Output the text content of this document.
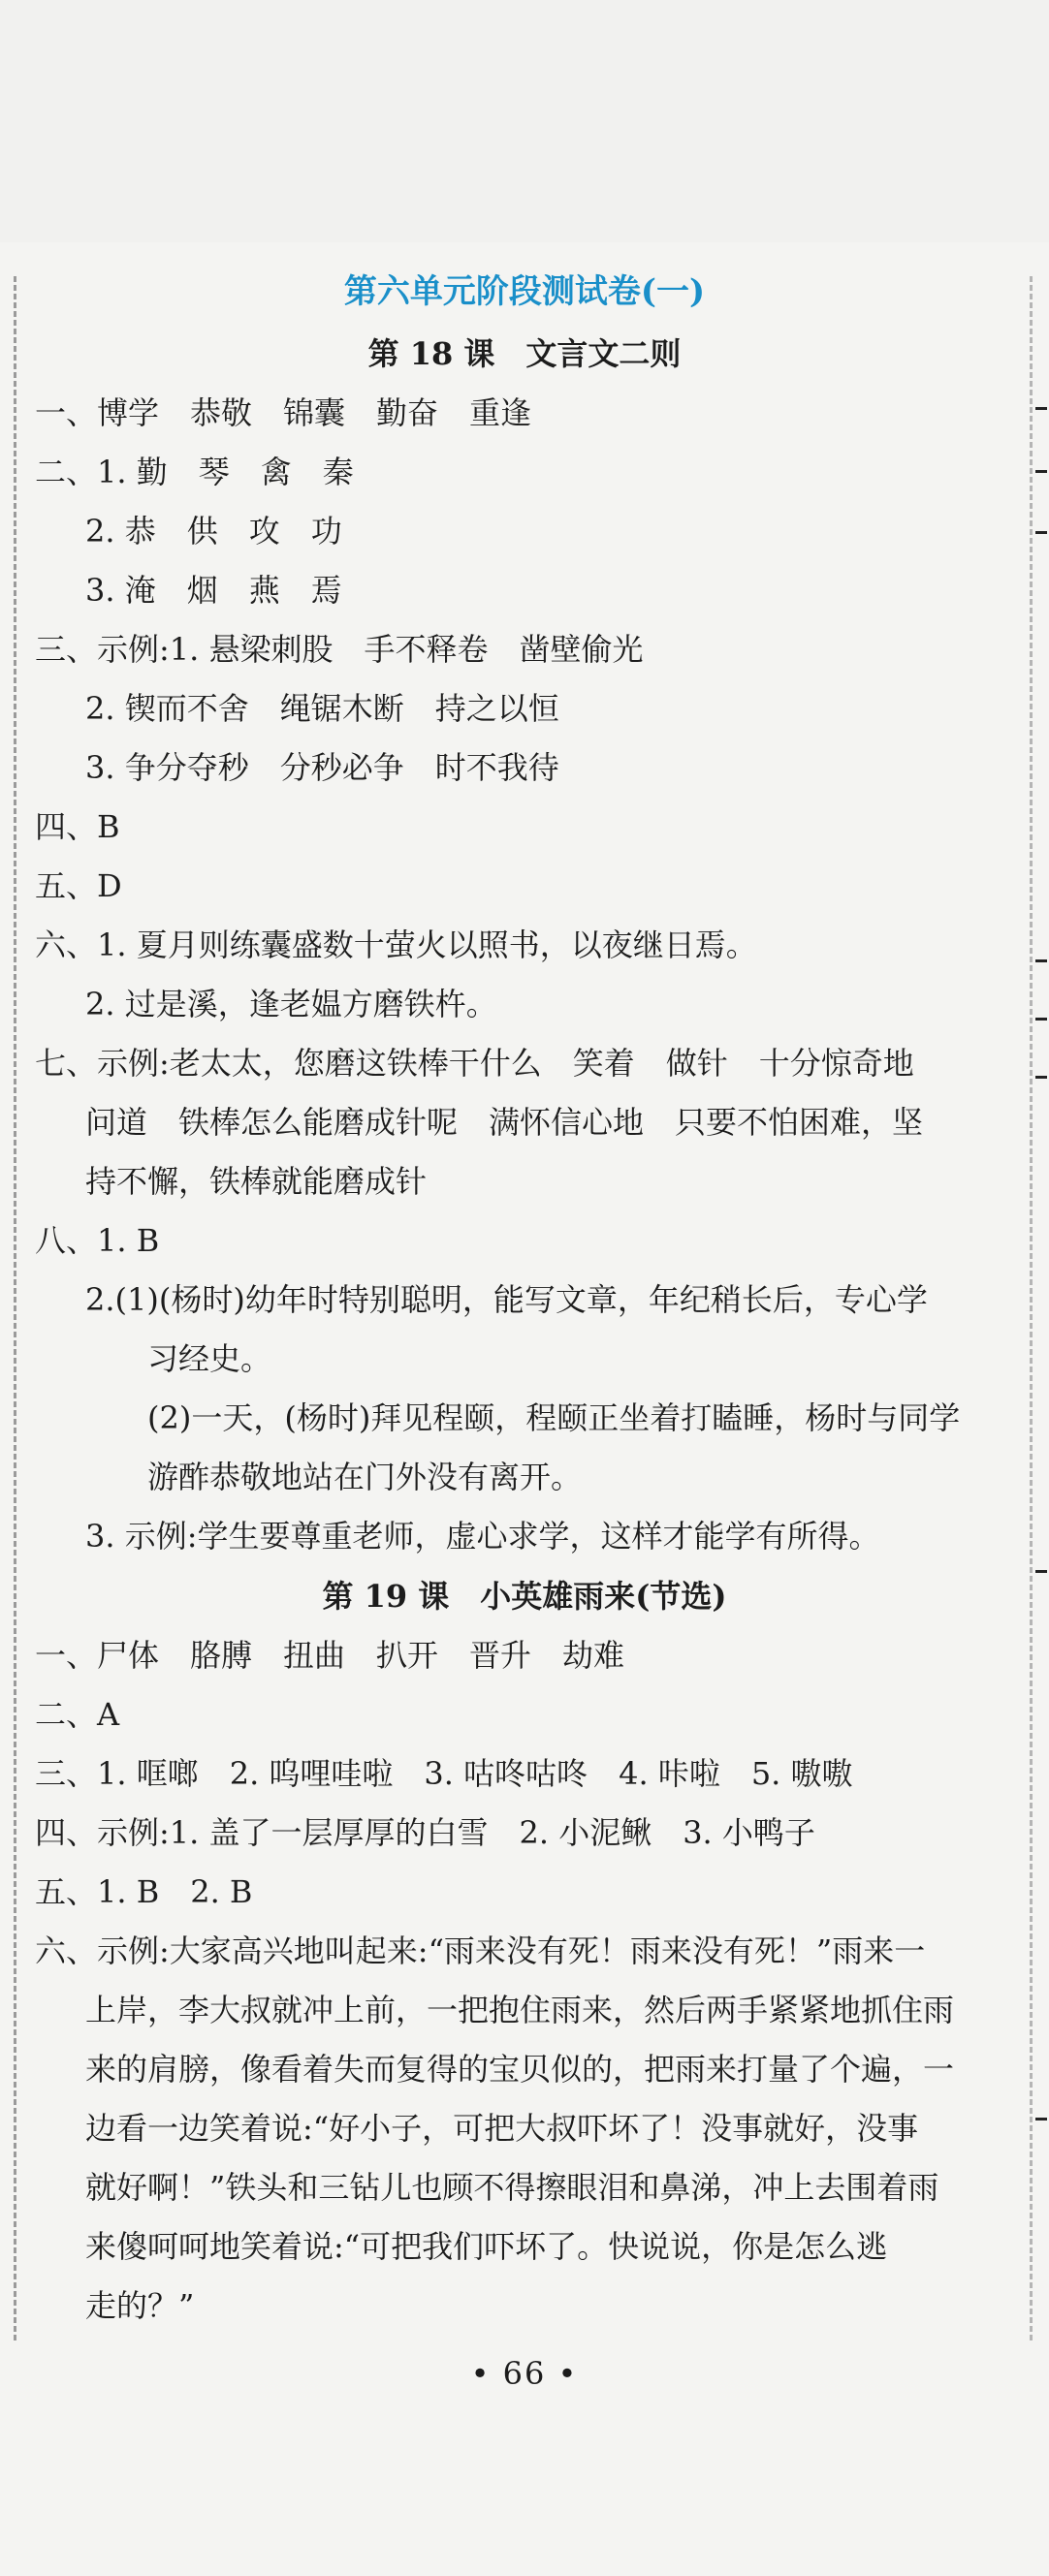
第六单元阶段测试卷(一)
第 18 课　文言文二则
一、博学　恭敬　锦囊　勤奋　重逢
二、1. 勤　琴　禽　秦
2. 恭　供　攻　功
3. 淹　烟　燕　焉
三、示例:1. 悬梁刺股　手不释卷　凿壁偷光
2. 锲而不舍　绳锯木断　持之以恒
3. 争分夺秒　分秒必争　时不我待
四、B
五、D
六、1. 夏月则练囊盛数十萤火以照书，以夜继日焉。
2. 过是溪，逢老媪方磨铁杵。
七、示例:老太太，您磨这铁棒干什么　笑着　做针　十分惊奇地
问道　铁棒怎么能磨成针呢　满怀信心地　只要不怕困难，坚
持不懈，铁棒就能磨成针
八、1. B
2.(1)(杨时)幼年时特别聪明，能写文章，年纪稍长后，专心学
习经史。
(2)一天，(杨时)拜见程颐，程颐正坐着打瞌睡，杨时与同学
游酢恭敬地站在门外没有离开。
3. 示例:学生要尊重老师，虚心求学，这样才能学有所得。
第 19 课　小英雄雨来(节选)
一、尸体　胳膊　扭曲　扒开　晋升　劫难
二、A
三、1. 哐啷　2. 呜哩哇啦　3. 咕咚咕咚　4. 咔啦　5. 嗷嗷
四、示例:1. 盖了一层厚厚的白雪　2. 小泥鳅　3. 小鸭子
五、1. B　2. B
六、示例:大家高兴地叫起来:“雨来没有死！雨来没有死！”雨来一
上岸，李大叔就冲上前，一把抱住雨来，然后两手紧紧地抓住雨
来的肩膀，像看着失而复得的宝贝似的，把雨来打量了个遍，一
边看一边笑着说:“好小子，可把大叔吓坏了！没事就好，没事
就好啊！”铁头和三钻儿也顾不得擦眼泪和鼻涕，冲上去围着雨
来傻呵呵地笑着说:“可把我们吓坏了。快说说，你是怎么逃
走的？”
• 66 •
